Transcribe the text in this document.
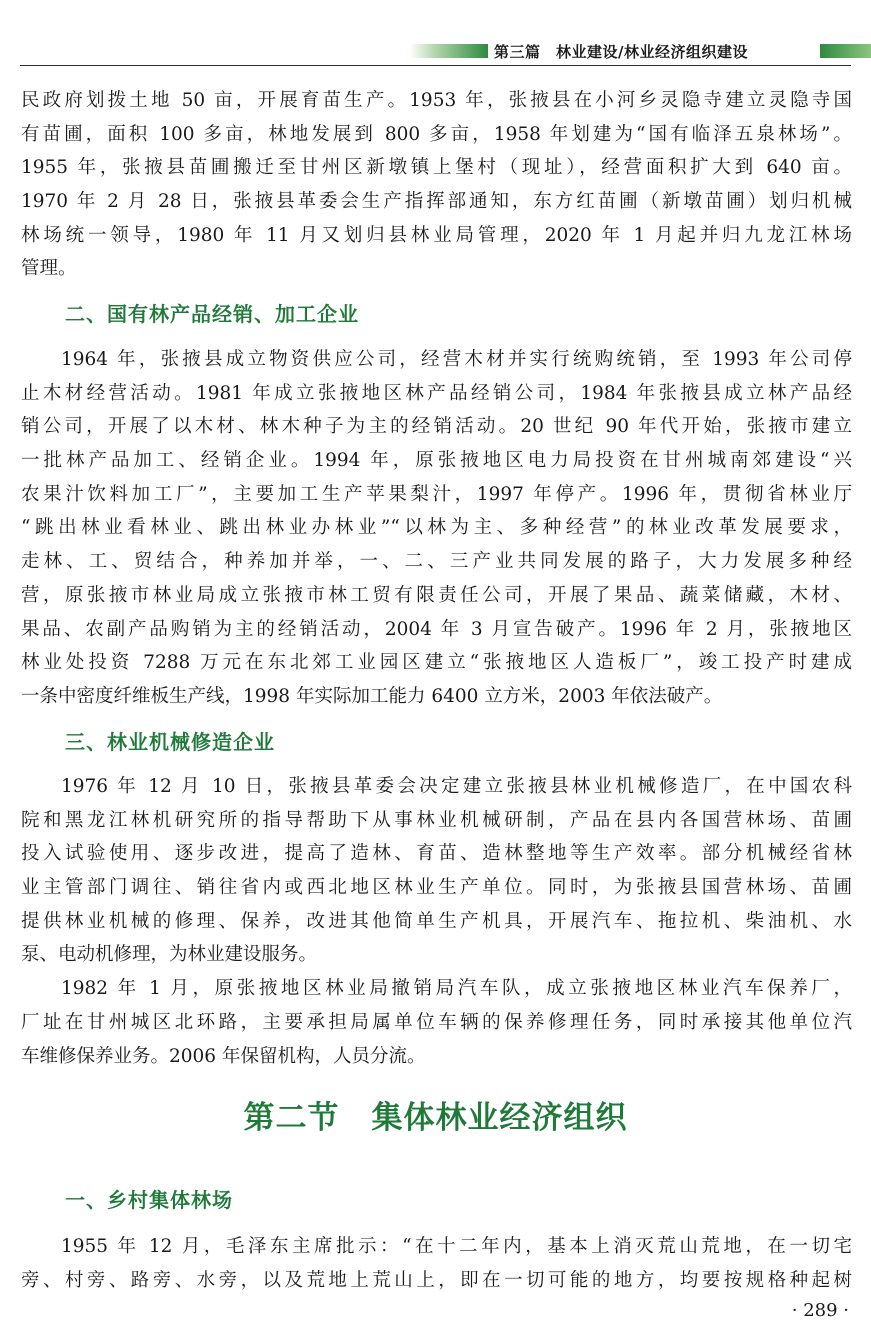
第三篇　林业建设/林业经济组织建设
民政府划拨土地 50 亩，开展育苗生产。1953 年，张掖县在小河乡灵隐寺建立灵隐寺国
有苗圃，面积 100 多亩，林地发展到 800 多亩，1958 年划建为“国有临泽五泉林场”。
1955 年，张掖县苗圃搬迁至甘州区新墩镇上堡村（现址），经营面积扩大到 640 亩。
1970 年 2 月 28 日，张掖县革委会生产指挥部通知，东方红苗圃（新墩苗圃）划归机械
林场统一领导，1980 年 11 月又划归县林业局管理，2020 年 1 月起并归九龙江林场
管理。
二、国有林产品经销、加工企业
1964 年，张掖县成立物资供应公司，经营木材并实行统购统销，至 1993 年公司停
止木材经营活动。1981 年成立张掖地区林产品经销公司，1984 年张掖县成立林产品经
销公司，开展了以木材、林木种子为主的经销活动。20 世纪 90 年代开始，张掖市建立
一批林产品加工、经销企业。1994 年，原张掖地区电力局投资在甘州城南郊建设“兴
农果汁饮料加工厂”，主要加工生产苹果梨汁，1997 年停产。1996 年，贯彻省林业厅
“跳出林业看林业、跳出林业办林业”“以林为主、多种经营”的林业改革发展要求，
走林、工、贸结合，种养加并举，一、二、三产业共同发展的路子，大力发展多种经
营，原张掖市林业局成立张掖市林工贸有限责任公司，开展了果品、蔬菜储藏，木材、
果品、农副产品购销为主的经销活动，2004 年 3 月宣告破产。1996 年 2 月，张掖地区
林业处投资 7288 万元在东北郊工业园区建立“张掖地区人造板厂”，竣工投产时建成
一条中密度纤维板生产线，1998 年实际加工能力 6400 立方米，2003 年依法破产。
三、林业机械修造企业
1976 年 12 月 10 日，张掖县革委会决定建立张掖县林业机械修造厂，在中国农科
院和黑龙江林机研究所的指导帮助下从事林业机械研制，产品在县内各国营林场、苗圃
投入试验使用、逐步改进，提高了造林、育苗、造林整地等生产效率。部分机械经省林
业主管部门调往、销往省内或西北地区林业生产单位。同时，为张掖县国营林场、苗圃
提供林业机械的修理、保养，改进其他简单生产机具，开展汽车、拖拉机、柴油机、水
泵、电动机修理，为林业建设服务。
1982 年 1 月，原张掖地区林业局撤销局汽车队，成立张掖地区林业汽车保养厂，
厂址在甘州城区北环路，主要承担局属单位车辆的保养修理任务，同时承接其他单位汽
车维修保养业务。2006 年保留机构，人员分流。
第二节　集体林业经济组织
一、乡村集体林场
1955 年 12 月，毛泽东主席批示：“在十二年内，基本上消灭荒山荒地，在一切宅
旁、村旁、路旁、水旁，以及荒地上荒山上，即在一切可能的地方，均要按规格种起树
· 289 ·
